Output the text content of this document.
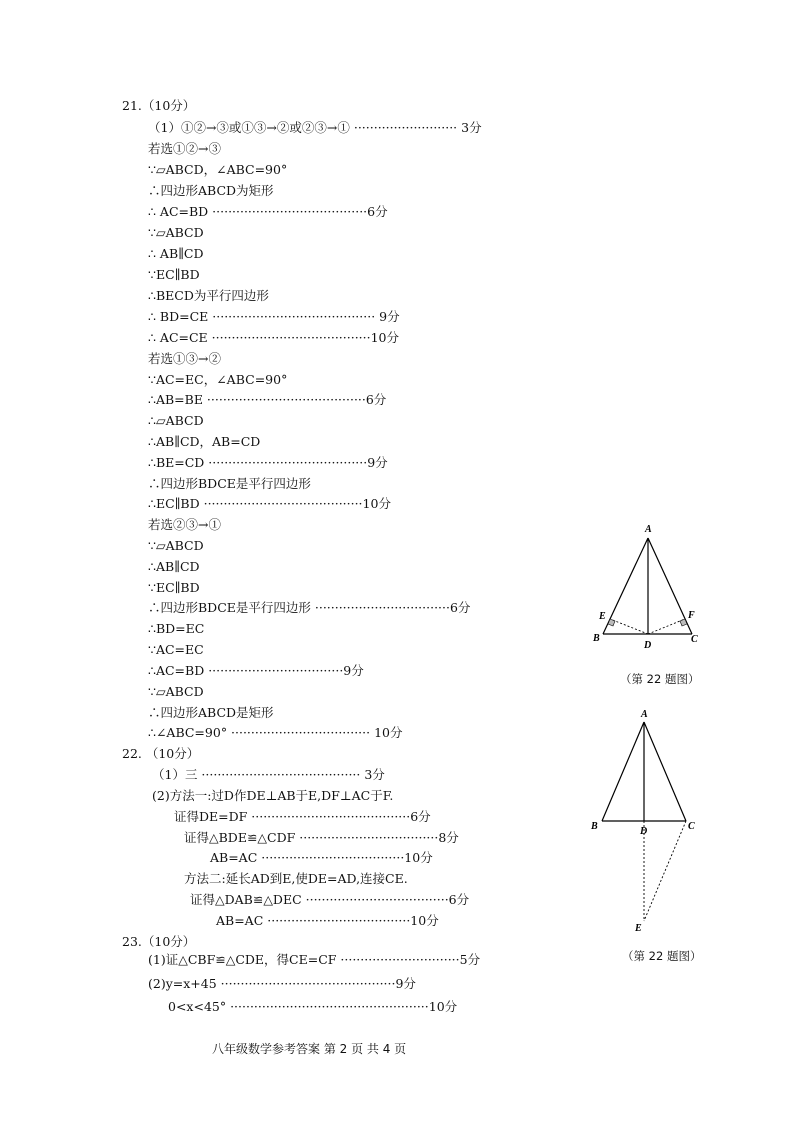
21.（10分）
（1）①②→③或①③→②或②③→① ·························· 3分
若选①②→③
∵▱ABCD，∠ABC=90°
∴四边形ABCD为矩形
∴ AC=BD ·······································6分
∵▱ABCD
∴ AB∥CD
∵EC∥BD
∴BECD为平行四边形
∴ BD=CE ········································· 9分
∴ AC=CE ········································10分
若选①③→②
∵AC=EC，∠ABC=90°
∴AB=BE ········································6分
∴▱ABCD
∴AB∥CD，AB=CD
∴BE=CD ········································9分
∴四边形BDCE是平行四边形
∴EC∥BD ········································10分
若选②③→①
∵▱ABCD
∴AB∥CD
∵EC∥BD
∴四边形BDCE是平行四边形 ··································6分
∴BD=EC
∵AC=EC
∴AC=BD ··································9分
∵▱ABCD
∴四边形ABCD是矩形
∴∠ABC=90° ··································· 10分
22. （10分）
（1）三 ········································ 3分
(2)方法一:过D作DE⊥AB于E,DF⊥AC于F.
证得DE=DF ········································6分
证得△BDE≌△CDF ···································8分
AB=AC ····································10分
方法二:延长AD到E,使DE=AD,连接CE.
证得△DAB≌△DEC ····································6分
AB=AC ····································10分
23.（10分）
(1)证△CBF≌△CDE，得CE=CF ······························5分
(2)y=x+45 ············································9分
0<x<45° ··················································10分
八年级数学参考答案 第 2 页 共 4 页
A
B	C
D
E	F
（第 22 题图）
A
B	C
D
E
（第 22 题图）
